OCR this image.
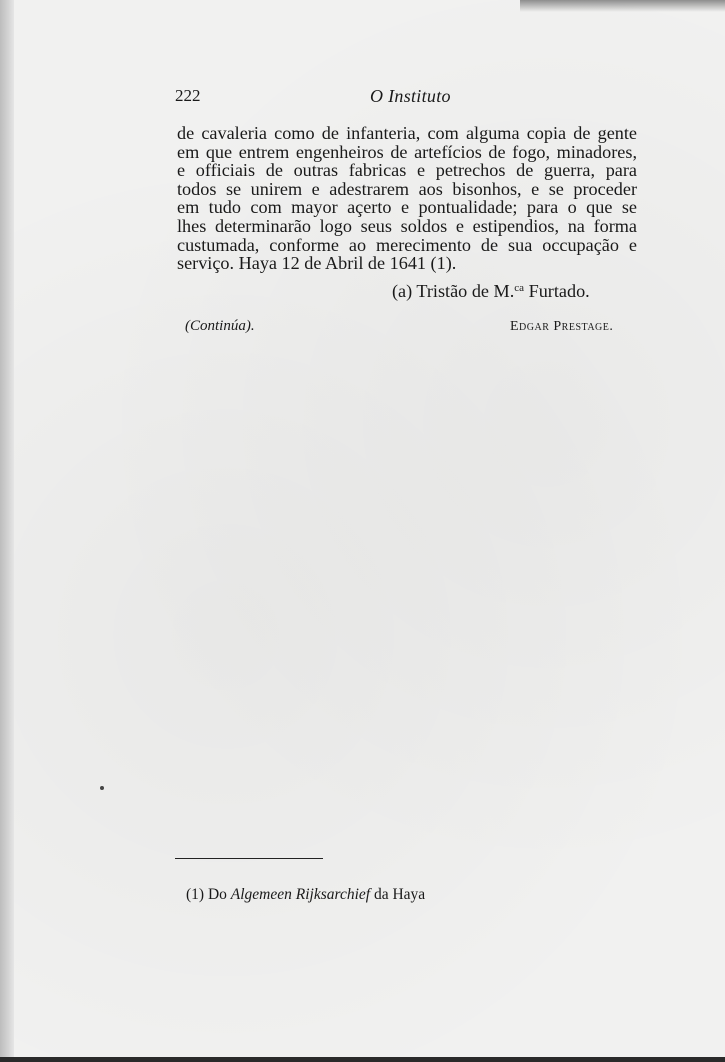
222	O Instituto
de cavaleria como de infanteria, com alguma copia de gente
em que entrem engenheiros de artefícios de fogo, minadores,
e officiais de outras fabricas e petrechos de guerra, para
todos se unirem e adestrarem aos bisonhos, e se proceder
em tudo com mayor açerto e pontualidade; para o que se
lhes determinarão logo seus soldos e estipendios, na forma
custumada, conforme ao merecimento de sua occupação e
serviço. Haya 12 de Abril de 1641 (1).
(a) Tristão de M.$^{ca}$ Furtado.
(Continúa).	Edgar Prestage.
(1) Do Algemeen Rijksarchief da Haya
